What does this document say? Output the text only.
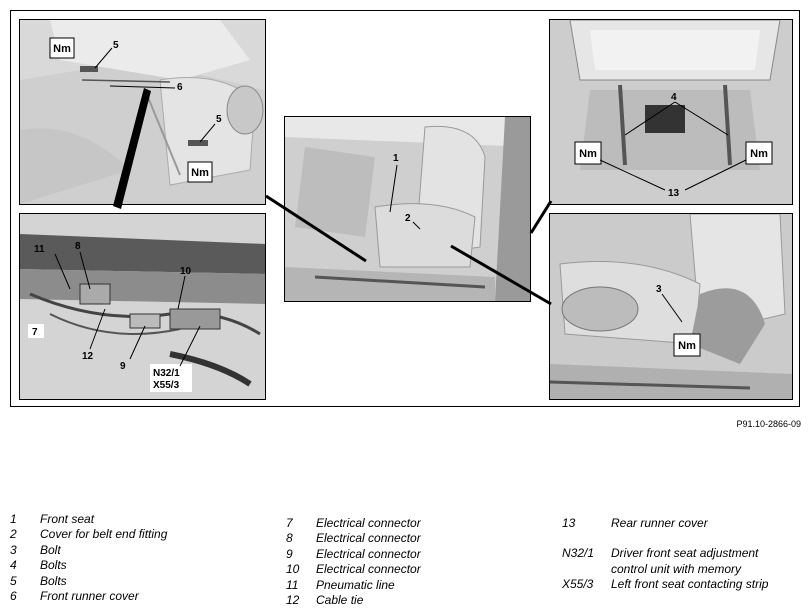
Nm
Nm
5
6
5
11	8
10
7
12
9
N32/1
X55/3
1
2
4
Nm	Nm
13
3
Nm
P91.10-2866-09
1	Front seat
2	Cover for belt end fitting
3	Bolt
4	Bolts
5	Bolts
6	Front runner cover
7	Electrical connector
8	Electrical connector
9	Electrical connector
10	Electrical connector
11	Pneumatic line
12	Cable tie
13	Rear runner cover
N32/1	Driver front seat adjustment
control unit with memory
X55/3	Left front seat contacting strip
